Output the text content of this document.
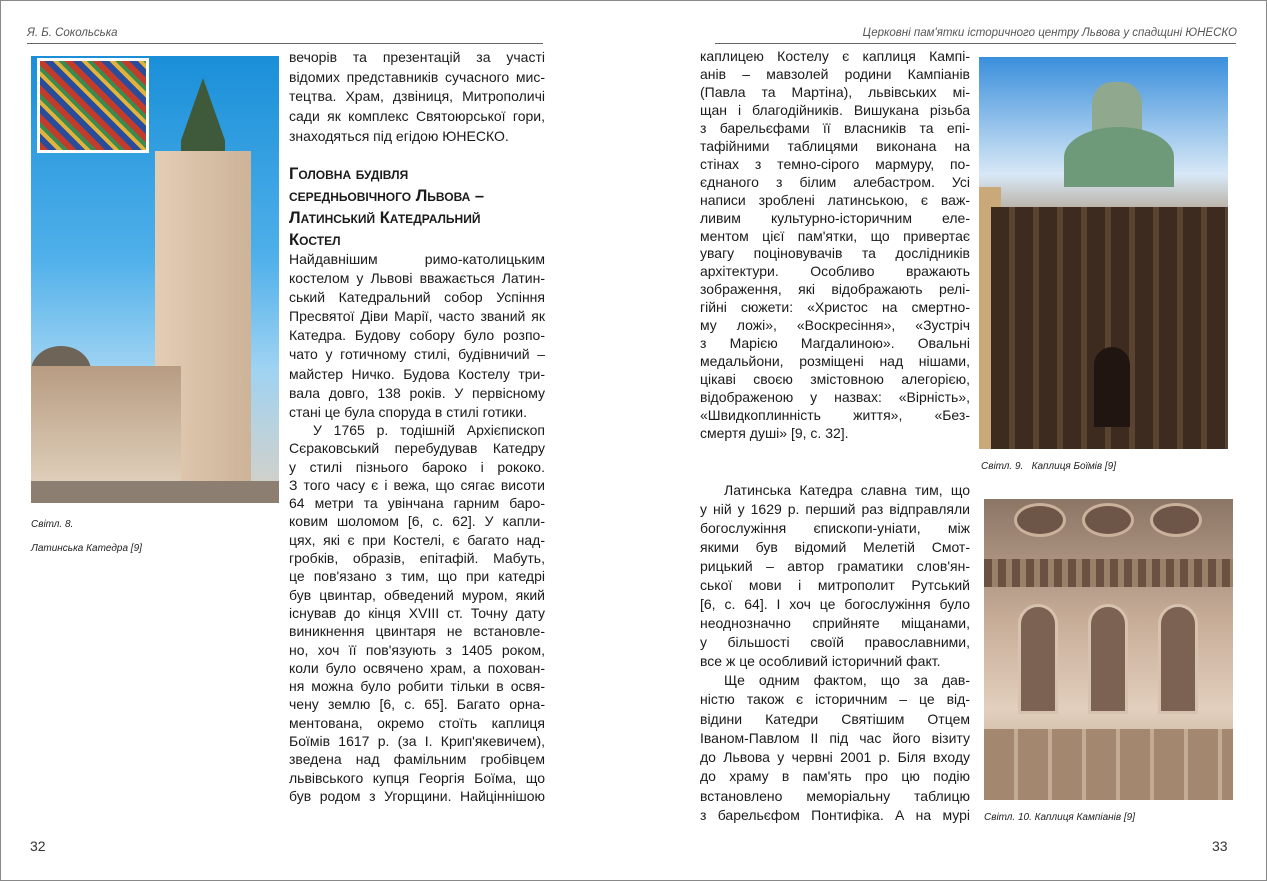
Я. Б. Сокольська
Світл. 8.
Латинська Катедра [9]
вечорів та презентацій за участі
відомих представників сучасного мис-
тецтва. Храм, дзвіниця, Митрополичі
сади як комплекс Святоюрської гори,
знаходяться під егідою ЮНЕСКО.
Головна будівля
середньовічного Львова –
Латинський Катедральний
Костел
Найдавнішим римо-католицьким
костелом у Львові вважається Латин-
ський Катедральний собор Успіння
Пресвятої Діви Марії, часто званий як
Катедра. Будову собору було розпо-
чато у готичному стилі, будівничий –
майстер Ничко. Будова Костелу три-
вала довго, 138 років. У первісному
стані це була споруда в стилі готики.
У 1765 р. тодішній Архієпископ
Сєраковський перебудував Катедру
у стилі пізнього бароко і рококо.
З того часу є і вежа, що сягає висоти
64 метри та увінчана гарним баро-
ковим шоломом [6, с. 62]. У капли-
цях, які є при Костелі, є багато над-
гробків, образів, епітафій. Мабуть,
це пов'язано з тим, що при катедрі
був цвинтар, обведений муром, який
існував до кінця XVIII ст. Точну дату
виникнення цвинтаря не встановле-
но, хоч її пов'язують з 1405 роком,
коли було освячено храм, а похован-
ня можна було робити тільки в освя-
чену землю [6, с. 65]. Багато орна-
ментована, окремо стоїть каплиця
Боїмів 1617 р. (за І. Крип'якевичем),
зведена над фамільним гробівцем
львівського купця Георгія Боїма, що
був родом з Угорщини. Найціннішою
32
Церковні пам'ятки історичного центру Львова у спадщині ЮНЕСКО
каплицею Костелу є каплиця Кампі-
анів – мавзолей родини Кампіанів
(Павла та Мартіна), львівських мі-
щан і благодійників. Вишукана різьба
з барельєфами її власників та епі-
тафійними таблицями виконана на
стінах з темно-сірого мармуру, по-
єднаного з білим алебастром. Усі
написи зроблені латинською, є важ-
ливим культурно-історичним еле-
ментом цієї пам'ятки, що привертає
увагу поціновувачів та дослідників
архітектури. Особливо вражають
зображення, які відображають релі-
гійні сюжети: «Христос на смертно-
му ложі», «Воскресіння», «Зустріч
з Марією Магдалиною». Овальні
медальйони, розміщені над нішами,
цікаві своєю змістовною алегорією,
відображеною у назвах: «Вірність»,
«Швидкоплинність життя», «Без-
смертя душі» [9, с. 32].
Латинська Катедра славна тим, що
у ній у 1629 р. перший раз відправляли
богослужіння єпископи-уніати, між
якими був відомий Мелетій Смот-
рицький – автор граматики слов'ян-
ської мови і митрополит Рутський
[6, с. 64]. І хоч це богослужіння було
неоднозначно сприйняте міщанами,
у більшості своїй православними,
все ж це особливий історичний факт.
Ще одним фактом, що за дав-
ністю також є історичним – це від-
відини Катедри Святішим Отцем
Іваном-Павлом ІІ під час його візиту
до Львова у червні 2001 р. Біля входу
до храму в пам'ять про цю подію
встановлено меморіальну таблицю
з барельєфом Понтифіка. А на мурі
Світл. 9.   Каплиця Боїмів [9]
Світл. 10. Каплиця Кампіанів [9]
33
